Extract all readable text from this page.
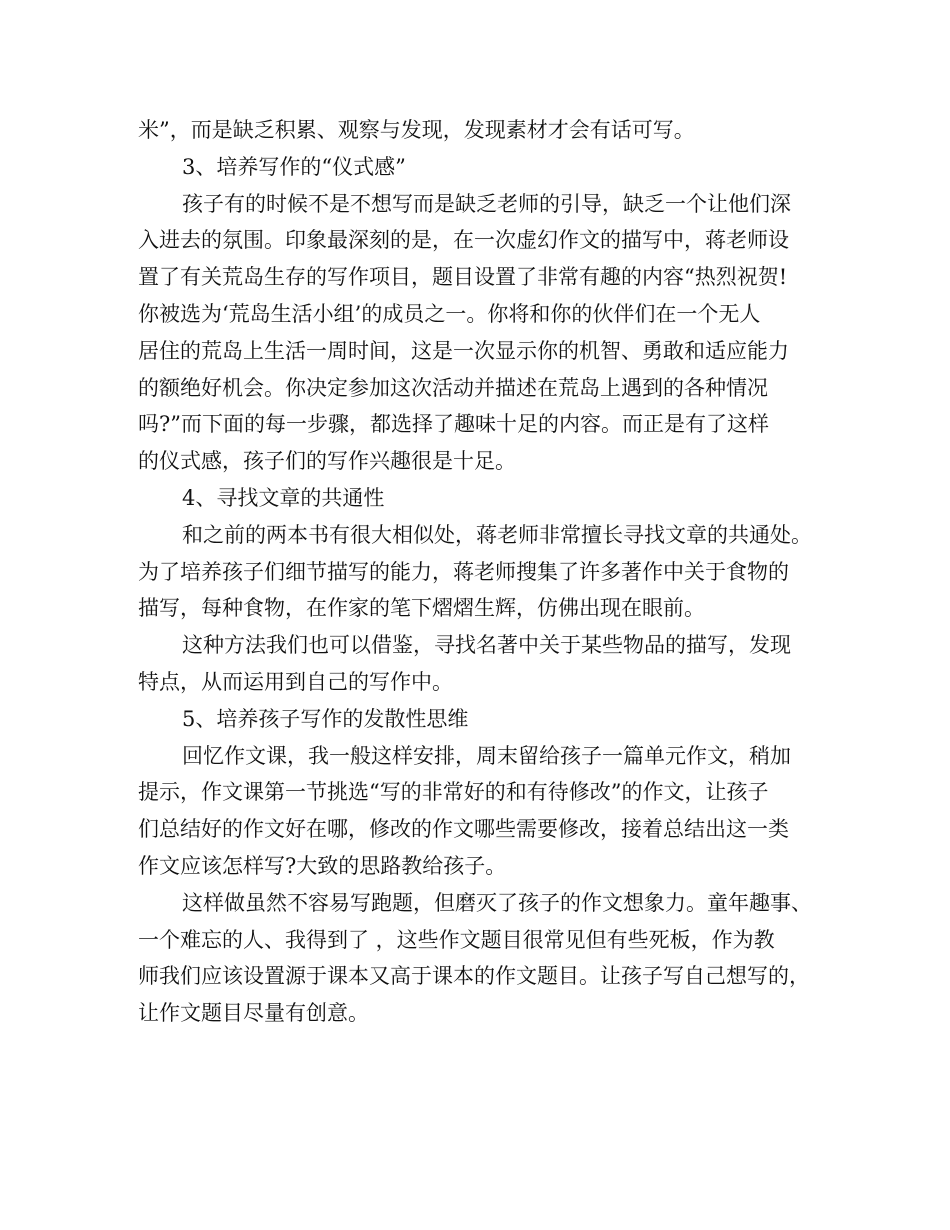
米”，而是缺乏积累、观察与发现，发现素材才会有话可写。
3、培养写作的“仪式感”
孩子有的时候不是不想写而是缺乏老师的引导，缺乏一个让他们深
入进去的氛围。印象最深刻的是，在一次虚幻作文的描写中，蒋老师设
置了有关荒岛生存的写作项目，题目设置了非常有趣的内容“热烈祝贺!
你被选为‘荒岛生活小组’的成员之一。你将和你的伙伴们在一个无人
居住的荒岛上生活一周时间，这是一次显示你的机智、勇敢和适应能力
的额绝好机会。你决定参加这次活动并描述在荒岛上遇到的各种情况
吗?”而下面的每一步骤，都选择了趣味十足的内容。而正是有了这样
的仪式感，孩子们的写作兴趣很是十足。
4、寻找文章的共通性
和之前的两本书有很大相似处，蒋老师非常擅长寻找文章的共通处。
为了培养孩子们细节描写的能力，蒋老师搜集了许多著作中关于食物的
描写，每种食物，在作家的笔下熠熠生辉，仿佛出现在眼前。
这种方法我们也可以借鉴，寻找名著中关于某些物品的描写，发现
特点，从而运用到自己的写作中。
5、培养孩子写作的发散性思维
回忆作文课，我一般这样安排，周末留给孩子一篇单元作文，稍加
提示，作文课第一节挑选“写的非常好的和有待修改”的作文，让孩子
们总结好的作文好在哪，修改的作文哪些需要修改，接着总结出这一类
作文应该怎样写?大致的思路教给孩子。
这样做虽然不容易写跑题，但磨灭了孩子的作文想象力。童年趣事、
一个难忘的人、我得到了 ，这些作文题目很常见但有些死板，作为教
师我们应该设置源于课本又高于课本的作文题目。让孩子写自己想写的，
让作文题目尽量有创意。
